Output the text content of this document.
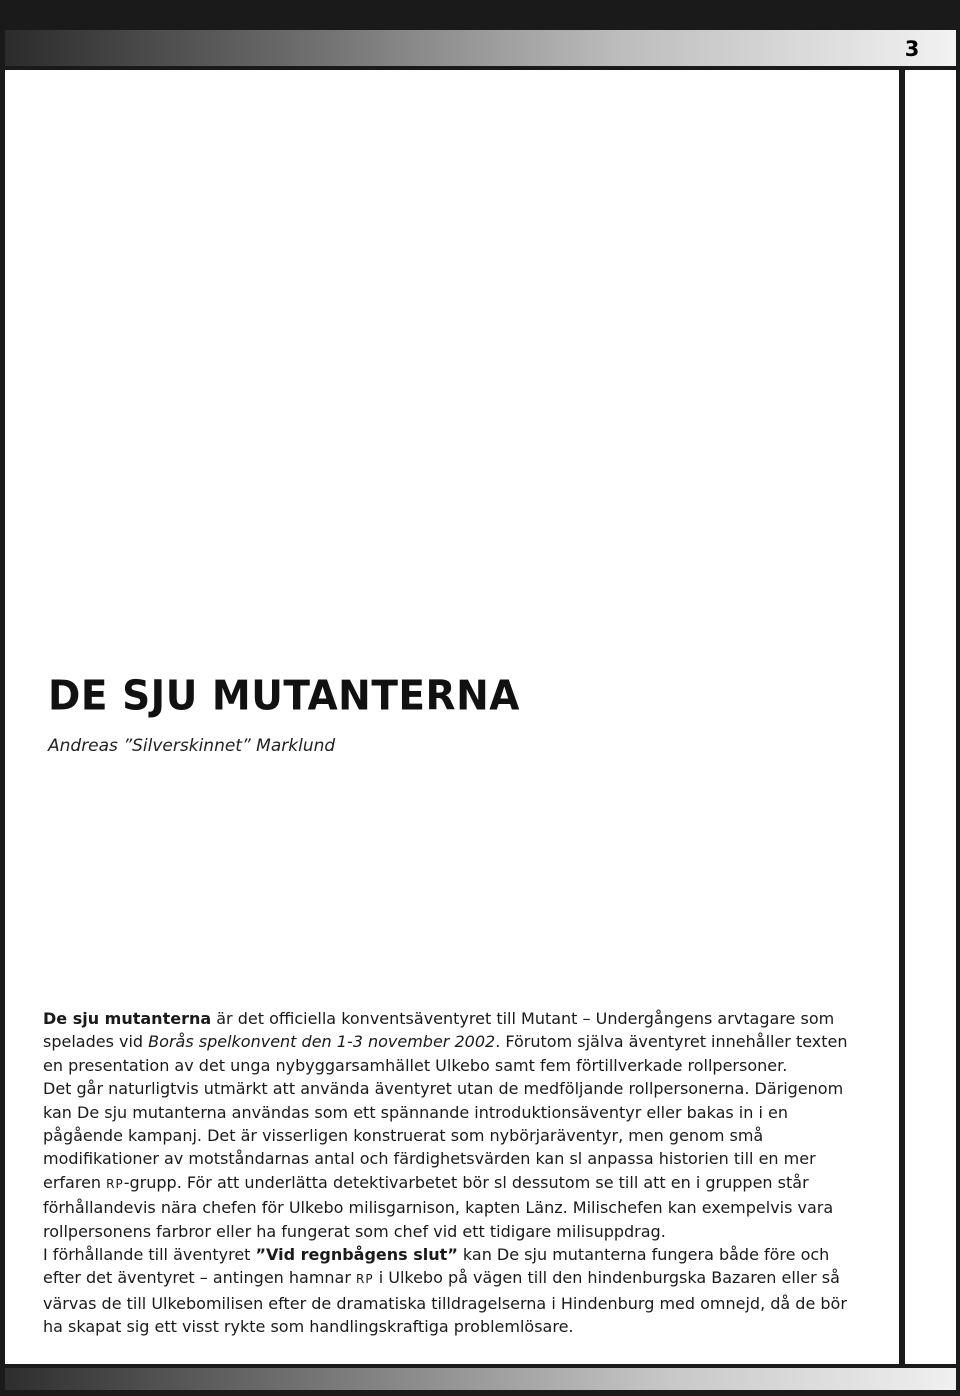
3
DE SJU MUTANTERNA

Andreas ”Silverskinnet” Marklund

De sju mutanterna är det officiella konventsäventyret till Mutant – Undergångens arvtagare som spelades vid Borås spelkonvent den 1-3 november 2002. Förutom själva äventyret innehåller texten en presentation av det unga nybyggarsamhället Ulkebo samt fem förtillverkade rollpersoner.

Det går naturligtvis utmärkt att använda äventyret utan de medföljande rollpersonerna. Därigenom kan De sju mutanterna användas som ett spännande introduktionsäventyr eller bakas in i en pågående kampanj. Det är visserligen konstruerat som nybörjaräventyr, men genom små modifikationer av motståndarnas antal och färdighetsvärden kan sl anpassa historien till en mer erfaren RP-grupp. För att underlätta detektivarbetet bör sl dessutom se till att en i gruppen står förhållandevis nära chefen för Ulkebo milisgarnison, kapten Länz. Milischefen kan exempelvis vara rollpersonens farbror eller ha fungerat som chef vid ett tidigare milisuppdrag.

I förhållande till äventyret ”Vid regnbågens slut” kan De sju mutanterna fungera både före och efter det äventyret – antingen hamnar RP i Ulkebo på vägen till den hindenburgska Bazaren eller så värvas de till Ulkebomilisen efter de dramatiska tilldragelserna i Hindenburg med omnejd, då de bör ha skapat sig ett visst rykte som handlingskraftiga problemlösare.
